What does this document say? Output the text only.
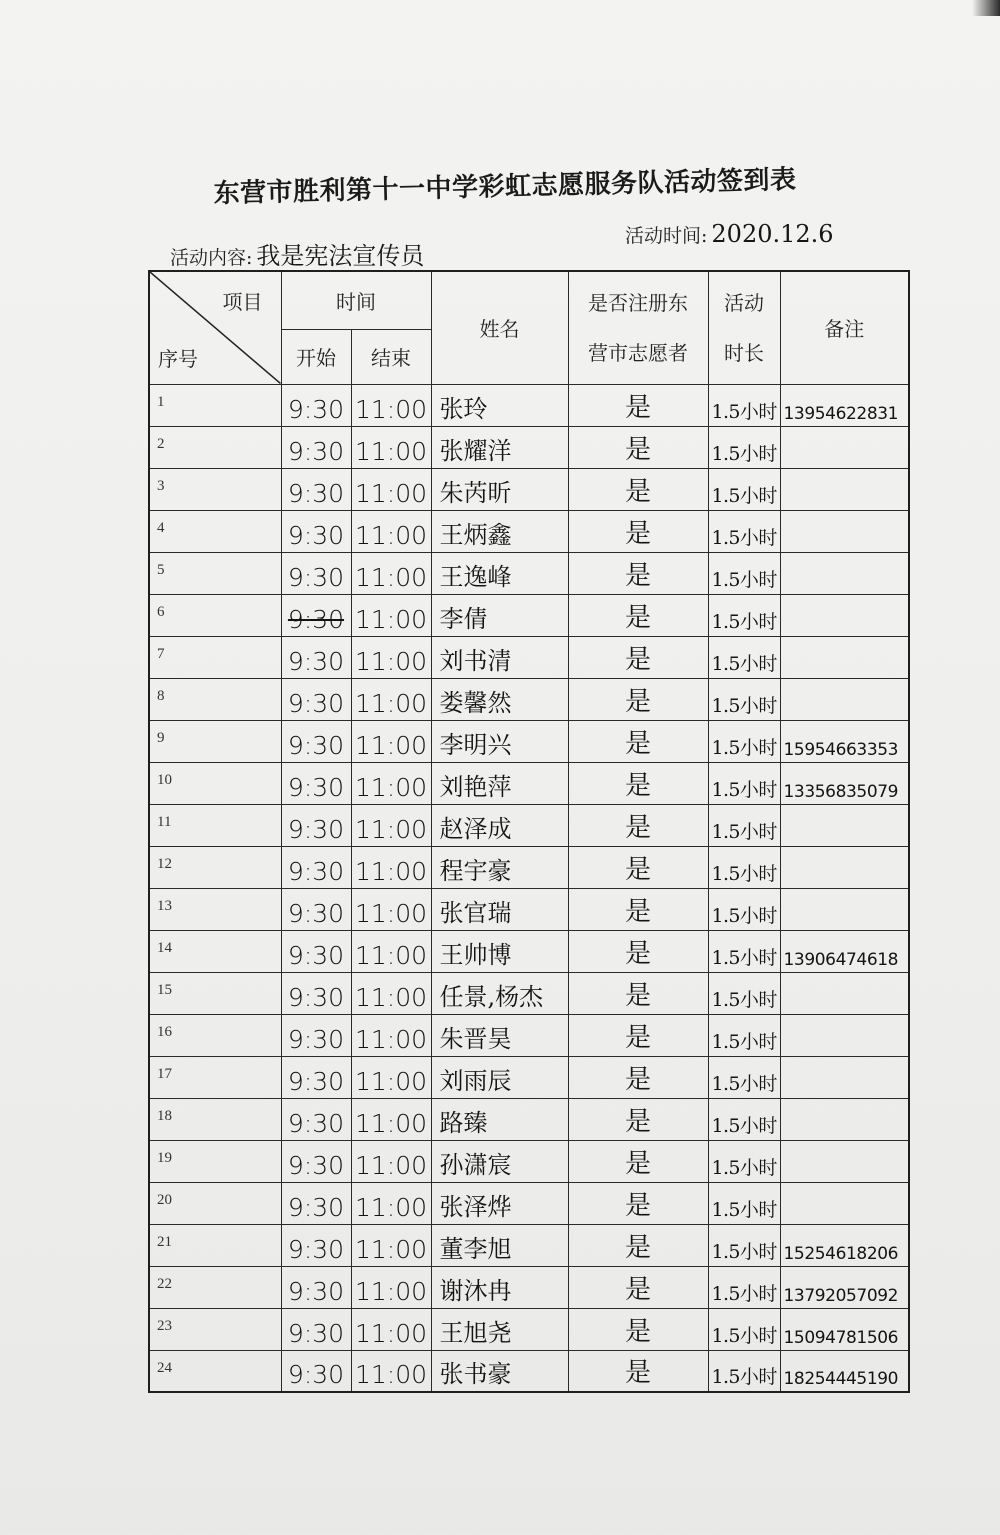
东营市胜利第十一中学彩虹志愿服务队活动签到表
活动内容: 我是宪法宣传员
活动时间: 2020.12.6
项目
序号	时间		姓名	是否注册东营市志愿者	活动时长	备注
	开始	结束				
1	9:30	11:00	张玲	是	1.5小时	13954622831
2	9:30	11:00	张耀洋	是	1.5小时	
3	9:30	11:00	朱芮昕	是	1.5小时	
4	9:30	11:00	王炳鑫	是	1.5小时	
5	9:30	11:00	王逸峰	是	1.5小时	
6	9:30	11:00	李倩	是	1.5小时	
7	9:30	11:00	刘书清	是	1.5小时	
8	9:30	11:00	娄馨然	是	1.5小时	
9	9:30	11:00	李明兴	是	1.5小时	15954663353
10	9:30	11:00	刘艳萍	是	1.5小时	13356835079
11	9:30	11:00	赵泽成	是	1.5小时	
12	9:30	11:00	程宇豪	是	1.5小时	
13	9:30	11:00	张官瑞	是	1.5小时	
14	9:30	11:00	王帅博	是	1.5小时	13906474618
15	9:30	11:00	任景,杨杰	是	1.5小时	
16	9:30	11:00	朱晋昊	是	1.5小时	
17	9:30	11:00	刘雨辰	是	1.5小时	
18	9:30	11:00	路臻	是	1.5小时	
19	9:30	11:00	孙潇宸	是	1.5小时	
20	9:30	11:00	张泽烨	是	1.5小时	
21	9:30	11:00	董李旭	是	1.5小时	15254618206
22	9:30	11:00	谢沐冉	是	1.5小时	13792057092
23	9:30	11:00	王旭尧	是	1.5小时	15094781506
24	9:30	11:00	张书豪	是	1.5小时	18254445190
